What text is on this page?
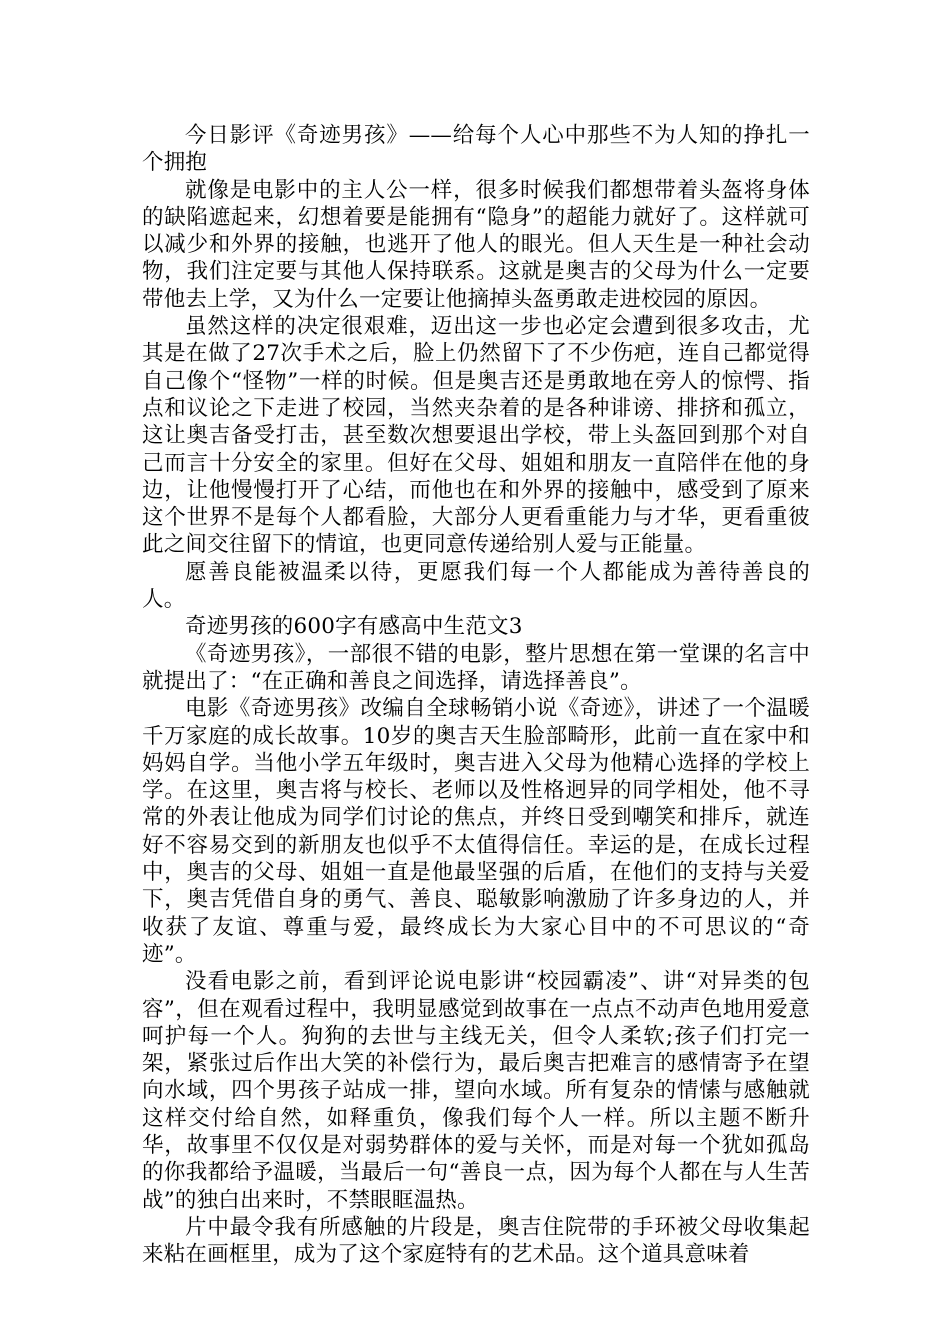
今日影评《奇迹男孩》——给每个人心中那些不为人知的挣扎一个拥抱

就像是电影中的主人公一样，很多时候我们都想带着头盔将身体的缺陷遮起来，幻想着要是能拥有“隐身”的超能力就好了。这样就可以减少和外界的接触，也逃开了他人的眼光。但人天生是一种社会动物，我们注定要与其他人保持联系。这就是奥吉的父母为什么一定要带他去上学，又为什么一定要让他摘掉头盔勇敢走进校园的原因。

虽然这样的决定很艰难，迈出这一步也必定会遭到很多攻击，尤其是在做了27次手术之后，脸上仍然留下了不少伤疤，连自己都觉得自己像个“怪物”一样的时候。但是奥吉还是勇敢地在旁人的惊愕、指点和议论之下走进了校园，当然夹杂着的是各种诽谤、排挤和孤立，这让奥吉备受打击，甚至数次想要退出学校，带上头盔回到那个对自己而言十分安全的家里。但好在父母、姐姐和朋友一直陪伴在他的身边，让他慢慢打开了心结，而他也在和外界的接触中，感受到了原来这个世界不是每个人都看脸，大部分人更看重能力与才华，更看重彼此之间交往留下的情谊，也更同意传递给别人爱与正能量。

愿善良能被温柔以待，更愿我们每一个人都能成为善待善良的人。

奇迹男孩的600字有感高中生范文3

《奇迹男孩》，一部很不错的电影，整片思想在第一堂课的名言中就提出了：“在正确和善良之间选择，请选择善良”。

电影《奇迹男孩》改编自全球畅销小说《奇迹》，讲述了一个温暖千万家庭的成长故事。10岁的奥吉天生脸部畸形，此前一直在家中和妈妈自学。当他小学五年级时，奥吉进入父母为他精心选择的学校上学。在这里，奥吉将与校长、老师以及性格迥异的同学相处，他不寻常的外表让他成为同学们讨论的焦点，并终日受到嘲笑和排斥，就连好不容易交到的新朋友也似乎不太值得信任。幸运的是，在成长过程中，奥吉的父母、姐姐一直是他最坚强的后盾，在他们的支持与关爱下，奥吉凭借自身的勇气、善良、聪敏影响激励了许多身边的人，并收获了友谊、尊重与爱，最终成长为大家心目中的不可思议的“奇迹”。

没看电影之前，看到评论说电影讲“校园霸凌”、讲“对异类的包容”，但在观看过程中，我明显感觉到故事在一点点不动声色地用爱意呵护每一个人。狗狗的去世与主线无关，但令人柔软;孩子们打完一架，紧张过后作出大笑的补偿行为，最后奥吉把难言的感情寄予在望向水域，四个男孩子站成一排，望向水域。所有复杂的情愫与感触就这样交付给自然，如释重负，像我们每个人一样。所以主题不断升华，故事里不仅仅是对弱势群体的爱与关怀，而是对每一个犹如孤岛的你我都给予温暖，当最后一句“善良一点，因为每个人都在与人生苦战”的独白出来时，不禁眼眶温热。

片中最令我有所感触的片段是，奥吉住院带的手环被父母收集起来粘在画框里，成为了这个家庭特有的艺术品。这个道具意味着
